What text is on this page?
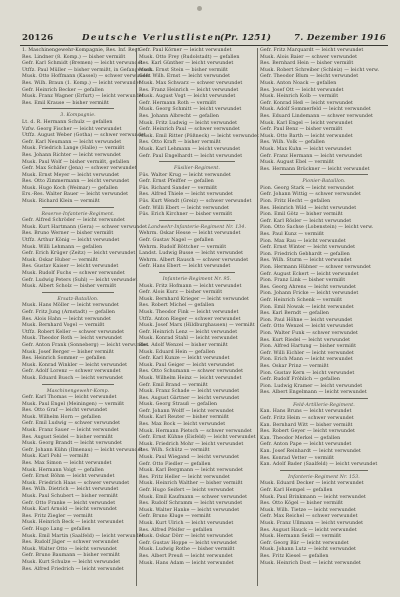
20126	Deutsche Verlustlisten
(Pr. 1251)	7. Dezember 1916
1. Maschinengewehr-Kompagnie, Res. Inf. Regt.
Res. Lindner (8. Komp.) — bisher vermißt
Gefr. Karl Schmidt (Bremen) — leicht verwundet
Utffz. Paul Müller — bisher vermißt, in Gefangensch.
Musk. Otto Hoffmann (Kassel) — schwer verwundet
Res. Wilh. Braun (1. Komp.) — leicht verwundet
Gefr. Heinrich Becker — gefallen
Musk. Franz Wagner (Erfurt) — leicht verwundet
Res. Emil Krause — bisher vermißt
3. Kompagnie.
Lt. d. R. Hermann Schulz — gefallen
Vzfw. Georg Fischer — leicht verwundet
Utffz. August Weber (Gotha) — schwer verwundet
Gefr. Karl Neumann — leicht verwundet
Musk. Friedrich Lange (Halle) — vermißt
Res. Johann Richter — leicht verwundet
Musk. Paul Wolf — bisher vermißt, gefallen
Gefr. Max Schäfer (Jena) — schwer verwundet
Musk. Ernst Meyer — leicht verwundet
Res. Otto Zimmermann — leicht verwundet
Musk. Hugo Koch (Weimar) — gefallen
Ers.-Res. Walter Bauer — leicht verwundet
Musk. Richard Klein — vermißt
Reserve-Infanterie-Regiment.
Gefr. Alfred Schröder — leicht verwundet
Musk. Kurt Hartmann (Gera) — schwer verwundet
Res. Bruno Werner — bisher vermißt
Utffz. Arthur König — leicht verwundet
Musk. Willi Lehmann — gefallen
Gefr. Erich Krüger (Zeitz) — leicht verwundet
Musk. Oskar Huber — vermißt
Res. Gustav Kaiser — leicht verwundet
Musk. Rudolf Fuchs — schwer verwundet
Gefr. Ludwig Peters (Suhl) — leicht verwundet
Musk. Albert Scholz — bisher vermißt
Ersatz-Bataillon.
Musk. Hans Möller — leicht verwundet
Gefr. Fritz Jung (Arnstadt) — gefallen
Res. Alois Hahn — leicht verwundet
Musk. Bernhard Vogel — vermißt
Utffz. Robert Keller — schwer verwundet
Musk. Theodor Roth — leicht verwundet
Gefr. Anton Frank (Sonneberg) — leicht verwundet
Musk. Josef Berger — bisher vermißt
Res. Heinrich Sommer — gefallen
Musk. Konrad Winkler — leicht verwundet
Gefr. Adolf Lorenz — schwer verwundet
Musk. Eduard Busch — leicht verwundet
Maschinengewehr-Komp.
Gefr. Karl Thomas — leicht verwundet
Musk. Paul Engel (Meiningen) — vermißt
Res. Otto Graf — leicht verwundet
Musk. Wilhelm Horn — gefallen
Gefr. Emil Ludwig — schwer verwundet
Musk. Franz Sauer — leicht verwundet
Res. August Seidel — bisher vermißt
Musk. Georg Brandt — leicht verwundet
Gefr. Johann Kühn (Ilmenau) — leicht verwundet
Musk. Karl Pohl — vermißt
Res. Max Simon — leicht verwundet
Musk. Hermann Voigt — gefallen
Gefr. Ernst Böhm — leicht verwundet
Musk. Friedrich Haas — schwer verwundet
Res. Wilh. Dietrich — leicht verwundet
Musk. Paul Schubert — bisher vermißt
Gefr. Otto Franke — leicht verwundet
Musk. Karl Arnold — leicht verwundet
Res. Fritz Ziegler — vermißt
Musk. Heinrich Beck — leicht verwundet
Gefr. Hugo Lang — gefallen
Musk. Emil Martin (Saalfeld) — leicht verwundet
Res. Rudolf Jäger — schwer verwundet
Musk. Walter Otto — leicht verwundet
Gefr. Bruno Baumann — bisher vermißt
Musk. Kurt Schulze — leicht verwundet
Res. Alfred Friedrich — leicht verwundet
Gefr. Paul Körner — leicht verwundet
Musk. Otto Frey (Rudolstadt) — gefallen
Res. Karl Günther — leicht verwundet
Musk. Ernst Stein — bisher vermißt
Gefr. Wilh. Ernst — leicht verwundet
Musk. Max Schwarz — schwer verwundet
Res. Franz Heinrich — leicht verwundet
Musk. August Vogt — leicht verwundet
Gefr. Hermann Roth — vermißt
Musk. Georg Schmitt — leicht verwundet
Res. Johann Albrecht — gefallen
Musk. Fritz Ludwig — leicht verwundet
Gefr. Heinrich Paul — schwer verwundet
Musk. Emil Ritter (Pößneck) — leicht verwundet
Res. Otto Kraft — bisher vermißt
Musk. Karl Lehmann — leicht verwundet
Gefr. Paul Engelhardt — leicht verwundet
Füsilier-Regiment.
Füs. Walter Krug — leicht verwundet
Gefr. Ernst Pfeiffer — gefallen
Füs. Richard Sander — vermißt
Res. Alfred Thiele — leicht verwundet
Füs. Kurt Wendt (Greiz) — schwer verwundet
Gefr. Willi Ebert — leicht verwundet
Füs. Erich Kirchner — bisher vermißt
Landwehr-Infanterie-Regiment Nr. 134.
Wehrm. Oskar Hesse — leicht verwundet
Gefr. Gustav Nagel — gefallen
Wehrm. Rudolf Böttcher — vermißt
Landst. Ludwig Busse — leicht verwundet
Wehrm. Albert Rausch — schwer verwundet
Gefr. Hans Ebert — leicht verwundet
Infanterie-Regiment Nr. 95.
Musk. Fritz Hofmann — leicht verwundet
Gefr. Alois Kurz — bisher vermißt
Musk. Bernhard Krieger — leicht verwundet
Res. Robert Michel — gefallen
Musk. Theodor Fink — leicht verwundet
Utffz. Anton Rieger — schwer verwundet
Musk. Josef Marx (Hildburghausen) — vermißt
Gefr. Heinrich Lenz — leicht verwundet
Musk. Konrad Stahl — leicht verwundet
Res. Adolf Wenzel — bisher vermißt
Musk. Eduard Hein — gefallen
Gefr. Karl Kunze — leicht verwundet
Musk. Paul Geiger — leicht verwundet
Res. Otto Schumann — schwer verwundet
Musk. Wilhelm Heinz — leicht verwundet
Gefr. Emil Brand — vermißt
Musk. Franz Schade — leicht verwundet
Res. August Gärtner — leicht verwundet
Musk. Georg Strauß — gefallen
Gefr. Johann Wolff — leicht verwundet
Musk. Karl Reuter — bisher vermißt
Res. Max Bock — leicht verwundet
Musk. Hermann Pietsch — schwer verwundet
Gefr. Ernst Kühne (Eisfeld) — leicht verwundet
Musk. Friedrich Mohr — leicht verwundet
Res. Wilh. Schütz — vermißt
Musk. Paul Wiegand — leicht verwundet
Gefr. Otto Fiedler — gefallen
Musk. Karl Bergmann — leicht verwundet
Res. Fritz Heller — leicht verwundet
Musk. Heinrich Walther — bisher vermißt
Gefr. Hugo Seifert — leicht verwundet
Musk. Emil Kaufmann — schwer verwundet
Res. Rudolf Schramm — leicht verwundet
Musk. Walter Hanke — leicht verwundet
Gefr. Bruno Kluge — vermißt
Musk. Kurt Ulrich — leicht verwundet
Res. Alfred Pfeifer — gefallen
Musk. Oskar Dörr — leicht verwundet
Gefr. Gustav Hoppe — leicht verwundet
Musk. Ludwig Rothe — bisher vermißt
Res. Albert Preuß — leicht verwundet
Musk. Hans Adam — leicht verwundet
Gefr. Fritz Marquardt — leicht verwundet
Musk. Alois Baier — schwer verwundet
Res. Bernhard Hein — bisher vermißt
Musk. Robert Schreiber (Schleiz) — leicht verw.
Gefr. Theodor Blum — leicht verwundet
Musk. Anton Noack — gefallen
Res. Josef Ott — leicht verwundet
Musk. Heinrich Kolb — vermißt
Gefr. Konrad Heß — leicht verwundet
Musk. Adolf Sommerfeld — leicht verwundet
Res. Eduard Lindemann — schwer verwundet
Musk. Karl Engel — leicht verwundet
Gefr. Paul Benz — bisher vermißt
Musk. Otto Barth — leicht verwundet
Res. Wilh. Volk — gefallen
Musk. Max Kuhn — leicht verwundet
Gefr. Franz Hermann — leicht verwundet
Musk. August Ebel — vermißt
Res. Hermann Brückner — leicht verwundet
Pionier-Bataillon.
Pion. Georg Stark — leicht verwundet
Gefr. Johann Wittig — schwer verwundet
Pion. Fritz Hecht — gefallen
Res. Heinrich Wild — leicht verwundet
Pion. Emil Götz — bisher vermißt
Gefr. Karl Rösler — leicht verwundet
Pion. Otto Sachse (Lobenstein) — leicht verw.
Res. Paul Kunz — vermißt
Pion. Max Rau — leicht verwundet
Gefr. Ernst Winter — leicht verwundet
Pion. Friedrich Gebhardt — gefallen
Res. Wilh. Sturm — leicht verwundet
Pion. Hermann Hübner — schwer verwundet
Gefr. August Eckert — leicht verwundet
Pion. Franz Link — bisher vermißt
Res. Georg Ahrens — leicht verwundet
Pion. Johann Fricke — leicht verwundet
Gefr. Heinrich Schenk — vermißt
Pion. Emil Nowak — leicht verwundet
Res. Karl Berndt — gefallen
Pion. Paul Höhne — leicht verwundet
Gefr. Otto Wenzel — leicht verwundet
Pion. Walter Funk — schwer verwundet
Res. Kurt Riedel — leicht verwundet
Pion. Alfred Hartung — bisher vermißt
Gefr. Willi Eichler — leicht verwundet
Pion. Erich Mann — leicht verwundet
Res. Oskar Prinz — vermißt
Pion. Gustav Kern — leicht verwundet
Gefr. Rudolf Fröhlich — gefallen
Pion. Ludwig Kramer — leicht verwundet
Res. Albert Engelmann — leicht verwundet
Feld-Artillerie-Regiment.
Kan. Hans Bruns — leicht verwundet
Gefr. Fritz Heim — schwer verwundet
Kan. Bernhard Witt — bisher vermißt
Res. Robert Geyer — leicht verwundet
Kan. Theodor Merkel — gefallen
Gefr. Anton Pape — leicht verwundet
Kan. Josef Reinhardt — leicht verwundet
Res. Konrad Vetter — vermißt
Kan. Adolf Bader (Saalfeld) — leicht verwundet
Infanterie-Regiment Nr. 153.
Musk. Eduard Decker — leicht verwundet
Gefr. Karl Hempel — gefallen
Musk. Paul Brinkmann — leicht verwundet
Res. Otto Kögel — bisher vermißt
Musk. Wilh. Tietze — leicht verwundet
Gefr. Max Reichel — schwer verwundet
Musk. Franz Ullmann — leicht verwundet
Res. August Hauck — leicht verwundet
Musk. Hermann Seidl — vermißt
Gefr. Georg Bär — leicht verwundet
Musk. Johann Lutz — leicht verwundet
Res. Fritz Kiesel — gefallen
Musk. Heinrich Dost — leicht verwundet
